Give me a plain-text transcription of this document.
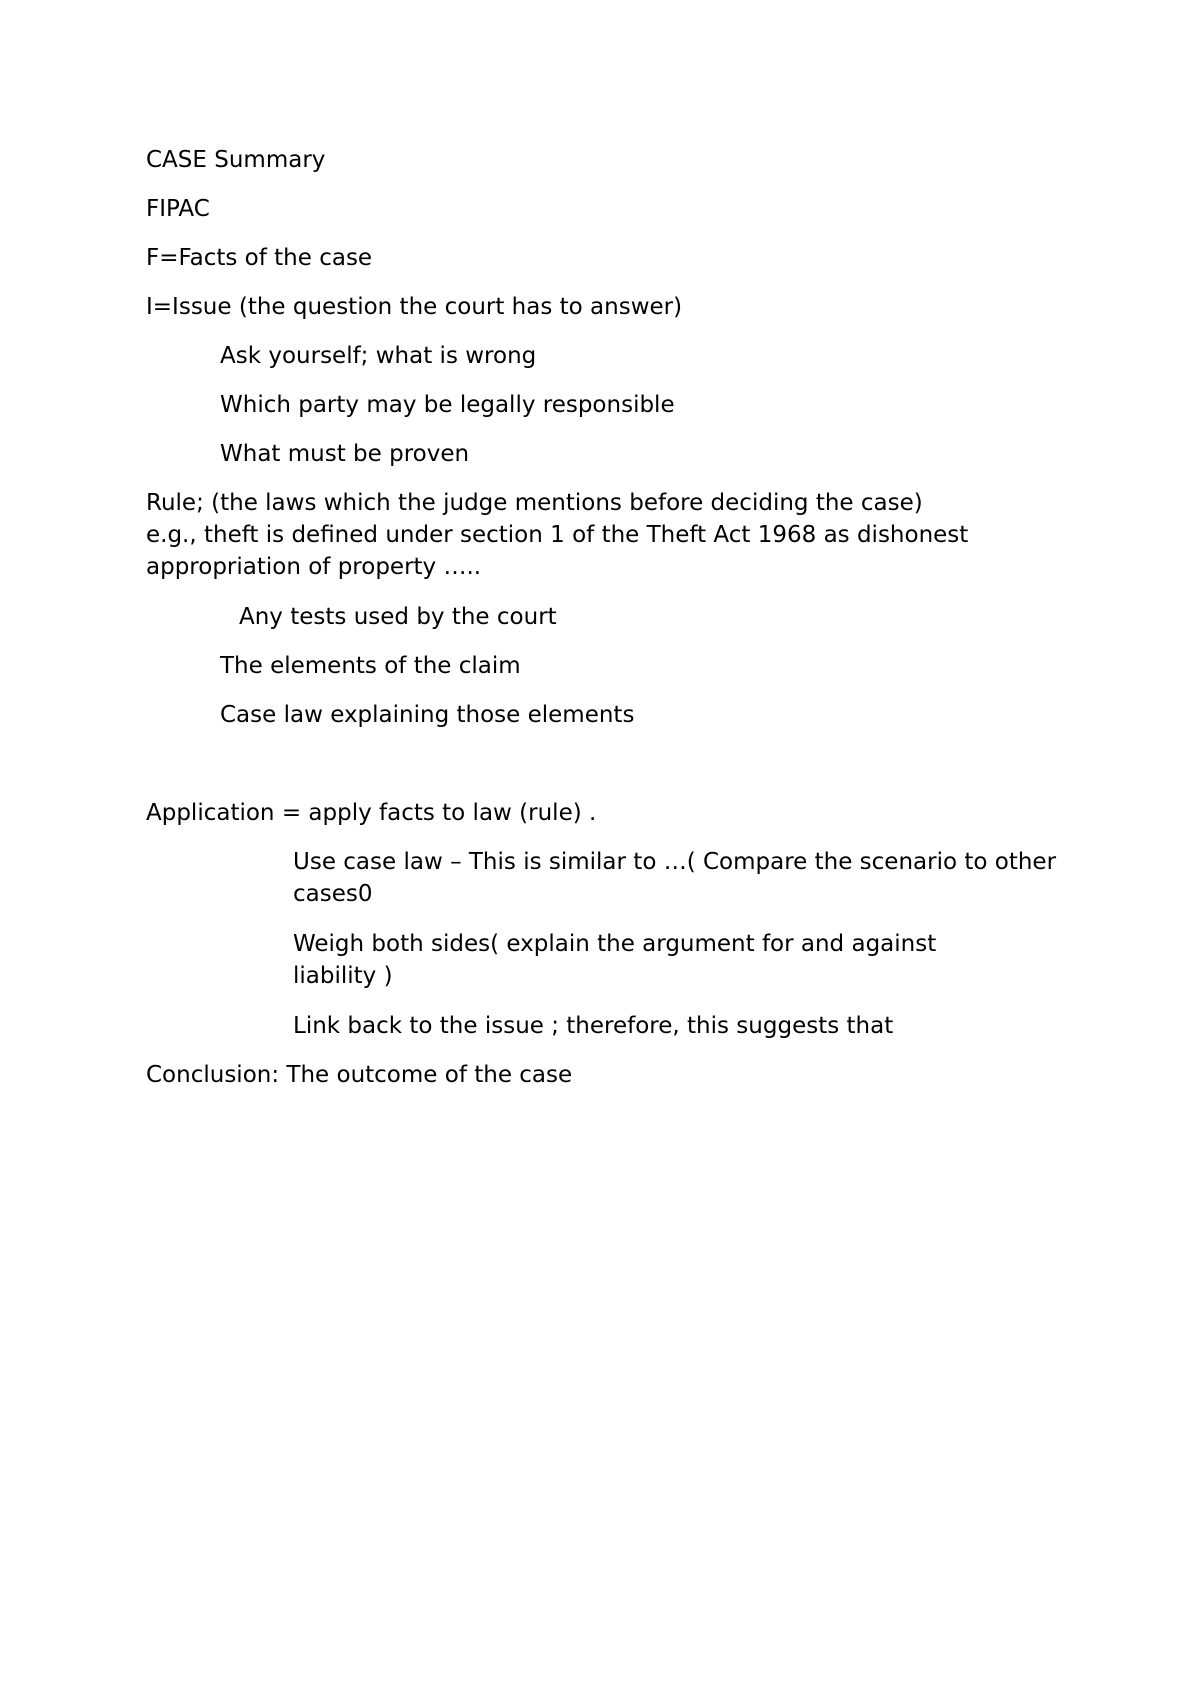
CASE Summary
FIPAC
F=Facts of the case
I=Issue (the question the court has to answer)
Ask yourself; what is wrong
Which party may be legally responsible
What must be proven
Rule; (the laws which the judge mentions before deciding the case) e.g., theft is defined under section 1 of the Theft Act 1968 as dishonest appropriation of property …..
Any tests used by the court
The elements of the claim
Case law explaining those elements
Application = apply facts to law (rule) .
Use case law – This is similar to …( Compare the scenario to other cases0
Weigh both sides( explain the argument for and against liability )
Link back to the issue ; therefore, this suggests that
Conclusion: The outcome of the case
